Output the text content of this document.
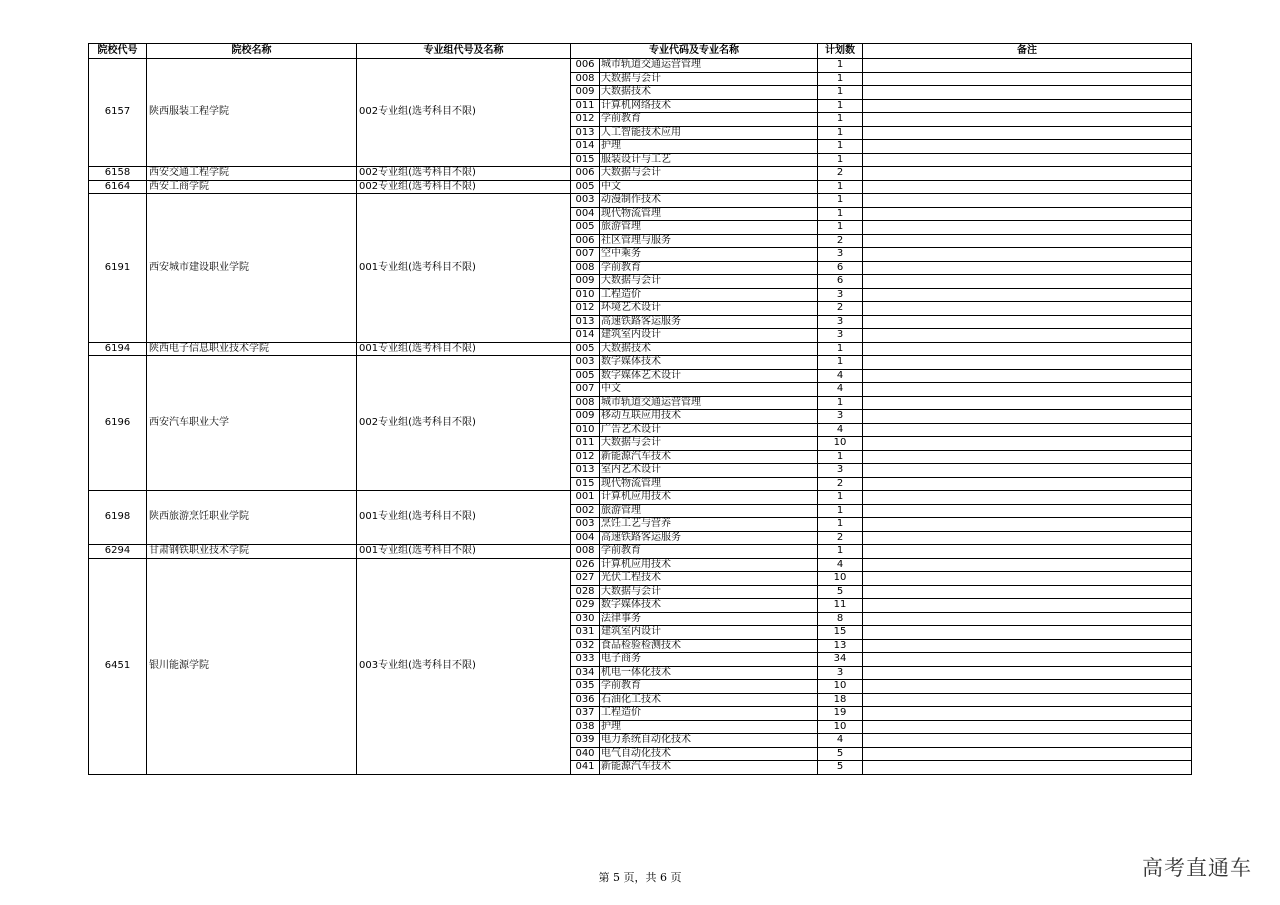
院校代号	院校名称	专业组代号及名称	专业代码及专业名称		计划数	备注
6157	陕西服装工程学院	002专业组(选考科目不限)	006	城市轨道交通运营管理	1	
			008	大数据与会计	1	
			009	大数据技术	1	
			011	计算机网络技术	1	
			012	学前教育	1	
			013	人工智能技术应用	1	
			014	护理	1	
			015	服装设计与工艺	1	
6158	西安交通工程学院	002专业组(选考科目不限)	006	大数据与会计	2	
6164	西安工商学院	002专业组(选考科目不限)	005	中文	1	
6191	西安城市建设职业学院	001专业组(选考科目不限)	003	动漫制作技术	1	
			004	现代物流管理	1	
			005	旅游管理	1	
			006	社区管理与服务	2	
			007	空中乘务	3	
			008	学前教育	6	
			009	大数据与会计	6	
			010	工程造价	3	
			012	环境艺术设计	2	
			013	高速铁路客运服务	3	
			014	建筑室内设计	3	
6194	陕西电子信息职业技术学院	001专业组(选考科目不限)	005	大数据技术	1	
6196	西安汽车职业大学	002专业组(选考科目不限)	003	数字媒体技术	1	
			005	数字媒体艺术设计	4	
			007	中文	4	
			008	城市轨道交通运营管理	1	
			009	移动互联应用技术	3	
			010	广告艺术设计	4	
			011	大数据与会计	10	
			012	新能源汽车技术	1	
			013	室内艺术设计	3	
			015	现代物流管理	2	
6198	陕西旅游烹饪职业学院	001专业组(选考科目不限)	001	计算机应用技术	1	
			002	旅游管理	1	
			003	烹饪工艺与营养	1	
			004	高速铁路客运服务	2	
6294	甘肃钢铁职业技术学院	001专业组(选考科目不限)	008	学前教育	1	
6451	银川能源学院	003专业组(选考科目不限)	026	计算机应用技术	4	
			027	光伏工程技术	10	
			028	大数据与会计	5	
			029	数字媒体技术	11	
			030	法律事务	8	
			031	建筑室内设计	15	
			032	食品检验检测技术	13	
			033	电子商务	34	
			034	机电一体化技术	3	
			035	学前教育	10	
			036	石油化工技术	18	
			037	工程造价	19	
			038	护理	10	
			039	电力系统自动化技术	4	
			040	电气自动化技术	5	
			041	新能源汽车技术	5	
第 5 页，共 6 页	高考直通车
